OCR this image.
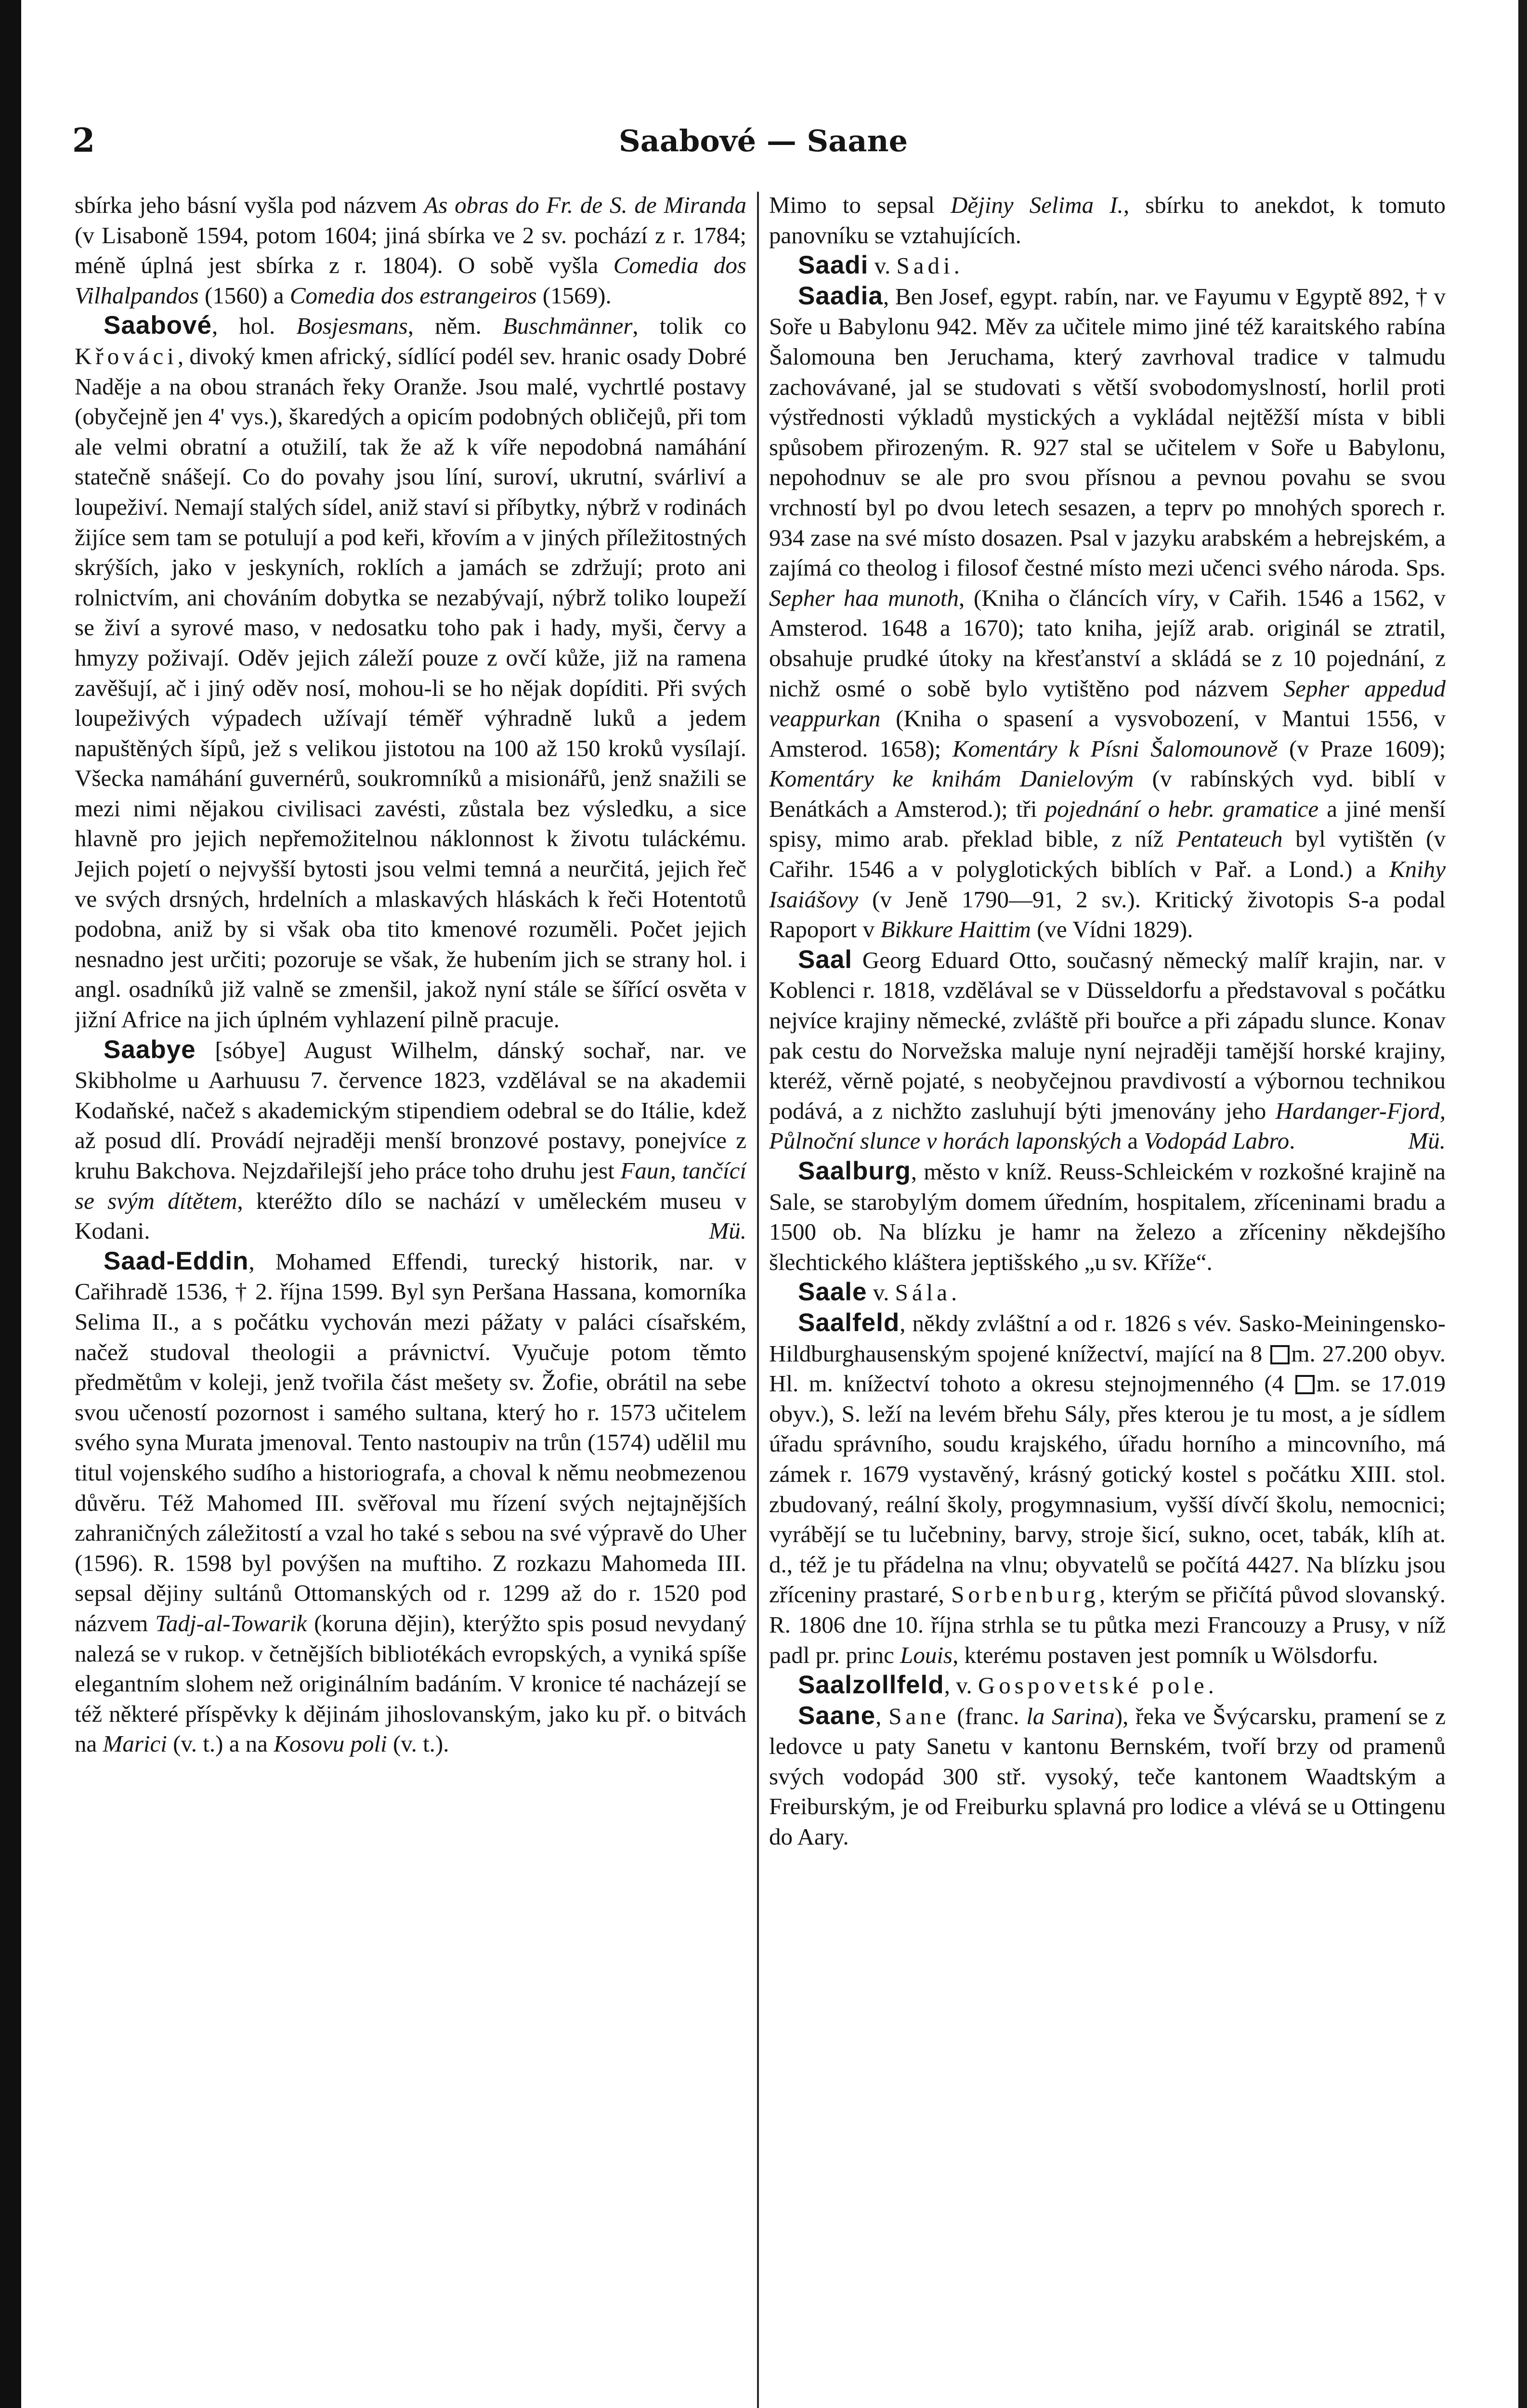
2	Saabové — Saane

sbírka jeho básní vyšla pod názvem As obras do Fr. de S. de Miranda (v Lisaboně 1594, potom 1604; jiná sbírka ve 2 sv. pochází z r. 1784; méně úplná jest sbírka z r. 1804). O sobě vyšla Comedia dos Vilhalpandos (1560) a Comedia dos estrangeiros (1569).

Saabové, hol. Bosjesmans, něm. Buschmänner, tolik co Křováci, divoký kmen africký, sídlící podél sev. hranic osady Dobré Naděje a na obou stranách řeky Oranže. Jsou malé, vychrtlé postavy (obyčejně jen 4' vys.), škaredých a opicím podobných obličejů, při tom ale velmi obratní a otužilí, tak že až k víře nepodobná namáhání statečně snášejí. Co do povahy jsou líní, suroví, ukrutní, svárliví a loupeživí. Nemají stalých sídel, aniž staví si příbytky, nýbrž v rodinách žijíce sem tam se potulují a pod keři, křovím a v jiných příležitostných skrýších, jako v jeskyních, roklích a jamách se zdržují; proto ani rolnictvím, ani chováním dobytka se nezabývají, nýbrž toliko loupeží se živí a syrové maso, v nedosatku toho pak i hady, myši, červy a hmyzy poživají. Oděv jejich záleží pouze z ovčí kůže, již na ramena zavěšují, ač i jiný oděv nosí, mohou-li se ho nějak dopíditi. Při svých loupeživých výpadech užívají téměř výhradně luků a jedem napuštěných šípů, jež s velikou jistotou na 100 až 150 kroků vysílají. Všecka namáhání guvernérů, soukromníků a misionářů, jenž snažili se mezi nimi nějakou civilisaci zavésti, zůstala bez výsledku, a sice hlavně pro jejich nepřemožitelnou náklonnost k životu tuláckému. Jejich pojetí o nejvyšší bytosti jsou velmi temná a neurčitá, jejich řeč ve svých drsných, hrdelních a mlaskavých hláskách k řeči Hotentotů podobna, aniž by si však oba tito kmenové rozuměli. Počet jejich nesnadno jest určiti; pozoruje se však, že hubením jich se strany hol. i angl. osadníků již valně se zmenšil, jakož nyní stále se šířící osvěta v jižní Africe na jich úplném vyhlazení pilně pracuje.

Saabye [sóbye] August Wilhelm, dánský sochař, nar. ve Skibholme u Aarhuusu 7. července 1823, vzdělával se na akademii Kodaňské, načež s akademickým stipendiem odebral se do Itálie, kdež až posud dlí. Provádí nejraději menší bronzové postavy, ponejvíce z kruhu Bakchova. Nejzdařilejší jeho práce toho druhu jest Faun, tančící se svým dítětem, kteréžto dílo se nachází v uměleckém museu v Kodani.	Mü.

Saad-Eddin, Mohamed Effendi, turecký historik, nar. v Cařihradě 1536, † 2. října 1599. Byl syn Peršana Hassana, komorníka Selima II., a s počátku vychován mezi pážaty v paláci císařském, načež studoval theologii a právnictví. Vyučuje potom těmto předmětům v koleji, jenž tvořila část mešety sv. Žofie, obrátil na sebe svou učeností pozornost i samého sultana, který ho r. 1573 učitelem svého syna Murata jmenoval. Tento nastoupiv na trůn (1574) udělil mu titul vojenského sudího a historiografa, a choval k němu neobmezenou důvěru. Též Mahomed III. svěřoval mu řízení svých nejtajnějších zahraničných záležitostí a vzal ho také s sebou na své výpravě do Uher (1596). R. 1598 byl povýšen na muftiho. Z rozkazu Mahomeda III. sepsal dějiny sultánů Ottomanských od r. 1299 až do r. 1520 pod názvem Tadj-al-Towarik (koruna dějin), kterýžto spis posud nevydaný nalezá se v rukop. v četnějších bibliotékách evropských, a vyniká spíše elegantním slohem než originálním badáním. V kronice té nacházejí se též některé příspěvky k dějinám jihoslovanským, jako ku př. o bitvách na Marici (v. t.) a na Kosovu poli (v. t.).

Mimo to sepsal Dějiny Selima I., sbírku to anekdot, k tomuto panovníku se vztahujících.

Saadi v. Sadi.

Saadia, Ben Josef, egypt. rabín, nar. ve Fayumu v Egyptě 892, † v Soře u Babylonu 942. Měv za učitele mimo jiné též karaitského rabína Šalomouna ben Jeruchama, který zavrhoval tradice v talmudu zachovávané, jal se studovati s větší svobodomyslností, horlil proti výstřednosti výkladů mystických a vykládal nejtěžší místa v bibli spůsobem přirozeným. R. 927 stal se učitelem v Soře u Babylonu, nepohodnuv se ale pro svou přísnou a pevnou povahu se svou vrchností byl po dvou letech sesazen, a teprv po mnohých sporech r. 934 zase na své místo dosazen. Psal v jazyku arabském a hebrejském, a zajímá co theolog i filosof čestné místo mezi učenci svého národa. Sps. Sepher haa munoth, (Kniha o článcích víry, v Cařih. 1546 a 1562, v Amsterod. 1648 a 1670); tato kniha, jejíž arab. originál se ztratil, obsahuje prudké útoky na křesťanství a skládá se z 10 pojednání, z nichž osmé o sobě bylo vytištěno pod názvem Sepher appedud veappurkan (Kniha o spasení a vysvobození, v Mantui 1556, v Amsterod. 1658); Komentáry k Písni Šalomounově (v Praze 1609); Komentáry ke knihám Danielovým (v rabínských vyd. biblí v Benátkách a Amsterod.); tři pojednání o hebr. gramatice a jiné menší spisy, mimo arab. překlad bible, z níž Pentateuch byl vytištěn (v Cařihr. 1546 a v polyglotických biblích v Pař. a Lond.) a Knihy Isaiášovy (v Jeně 1790—91, 2 sv.). Kritický životopis S-a podal Rapoport v Bikkure Haittim (ve Vídni 1829).

Saal Georg Eduard Otto, současný německý malíř krajin, nar. v Koblenci r. 1818, vzdělával se v Düsseldorfu a představoval s počátku nejvíce krajiny německé, zvláště při bouřce a při západu slunce. Konav pak cestu do Norvežska maluje nyní nejraději tamější horské krajiny, kteréž, věrně pojaté, s neobyčejnou pravdivostí a výbornou technikou podává, a z nichžto zasluhují býti jmenovány jeho Hardanger-Fjord, Půlnoční slunce v horách laponských a Vodopád Labro.	Mü.

Saalburg, město v kníž. Reuss-Schleickém v rozkošné krajině na Sale, se starobylým domem úředním, hospitalem, zříceninami bradu a 1500 ob. Na blízku je hamr na železo a zříceniny někdejšího šlechtického kláštera jeptišského „u sv. Kříže“.

Saale v. Sála.

Saalfeld, někdy zvláštní a od r. 1826 s vév. Sasko-Meiningensko-Hildburghausenským spojené knížectví, mající na 8 m. 27.200 obyv. Hl. m. knížectví tohoto a okresu stejnojmenného (4 m. se 17.019 obyv.), S. leží na levém břehu Sály, přes kterou je tu most, a je sídlem úřadu správního, soudu krajského, úřadu horního a mincovního, má zámek r. 1679 vystavěný, krásný gotický kostel s počátku XIII. stol. zbudovaný, reální školy, progymnasium, vyšší dívčí školu, nemocnici; vyrábějí se tu lučebniny, barvy, stroje šicí, sukno, ocet, tabák, klíh at. d., též je tu přádelna na vlnu; obyvatelů se počítá 4427. Na blízku jsou zříceniny prastaré, Sorbenburg, kterým se přičítá původ slovanský. R. 1806 dne 10. října strhla se tu půtka mezi Francouzy a Prusy, v níž padl pr. princ Louis, kterému postaven jest pomník u Wölsdorfu.

Saalzollfeld, v. Gospovetské pole.

Saane, Sane (franc. la Sarina), řeka ve Švýcarsku, pramení se z ledovce u paty Sanetu v kantonu Bernském, tvoří brzy od pramenů svých vodopád 300 stř. vysoký, teče kantonem Waadtským a Freiburským, je od Freiburku splavná pro lodice a vlévá se u Ottingenu do Aary.
